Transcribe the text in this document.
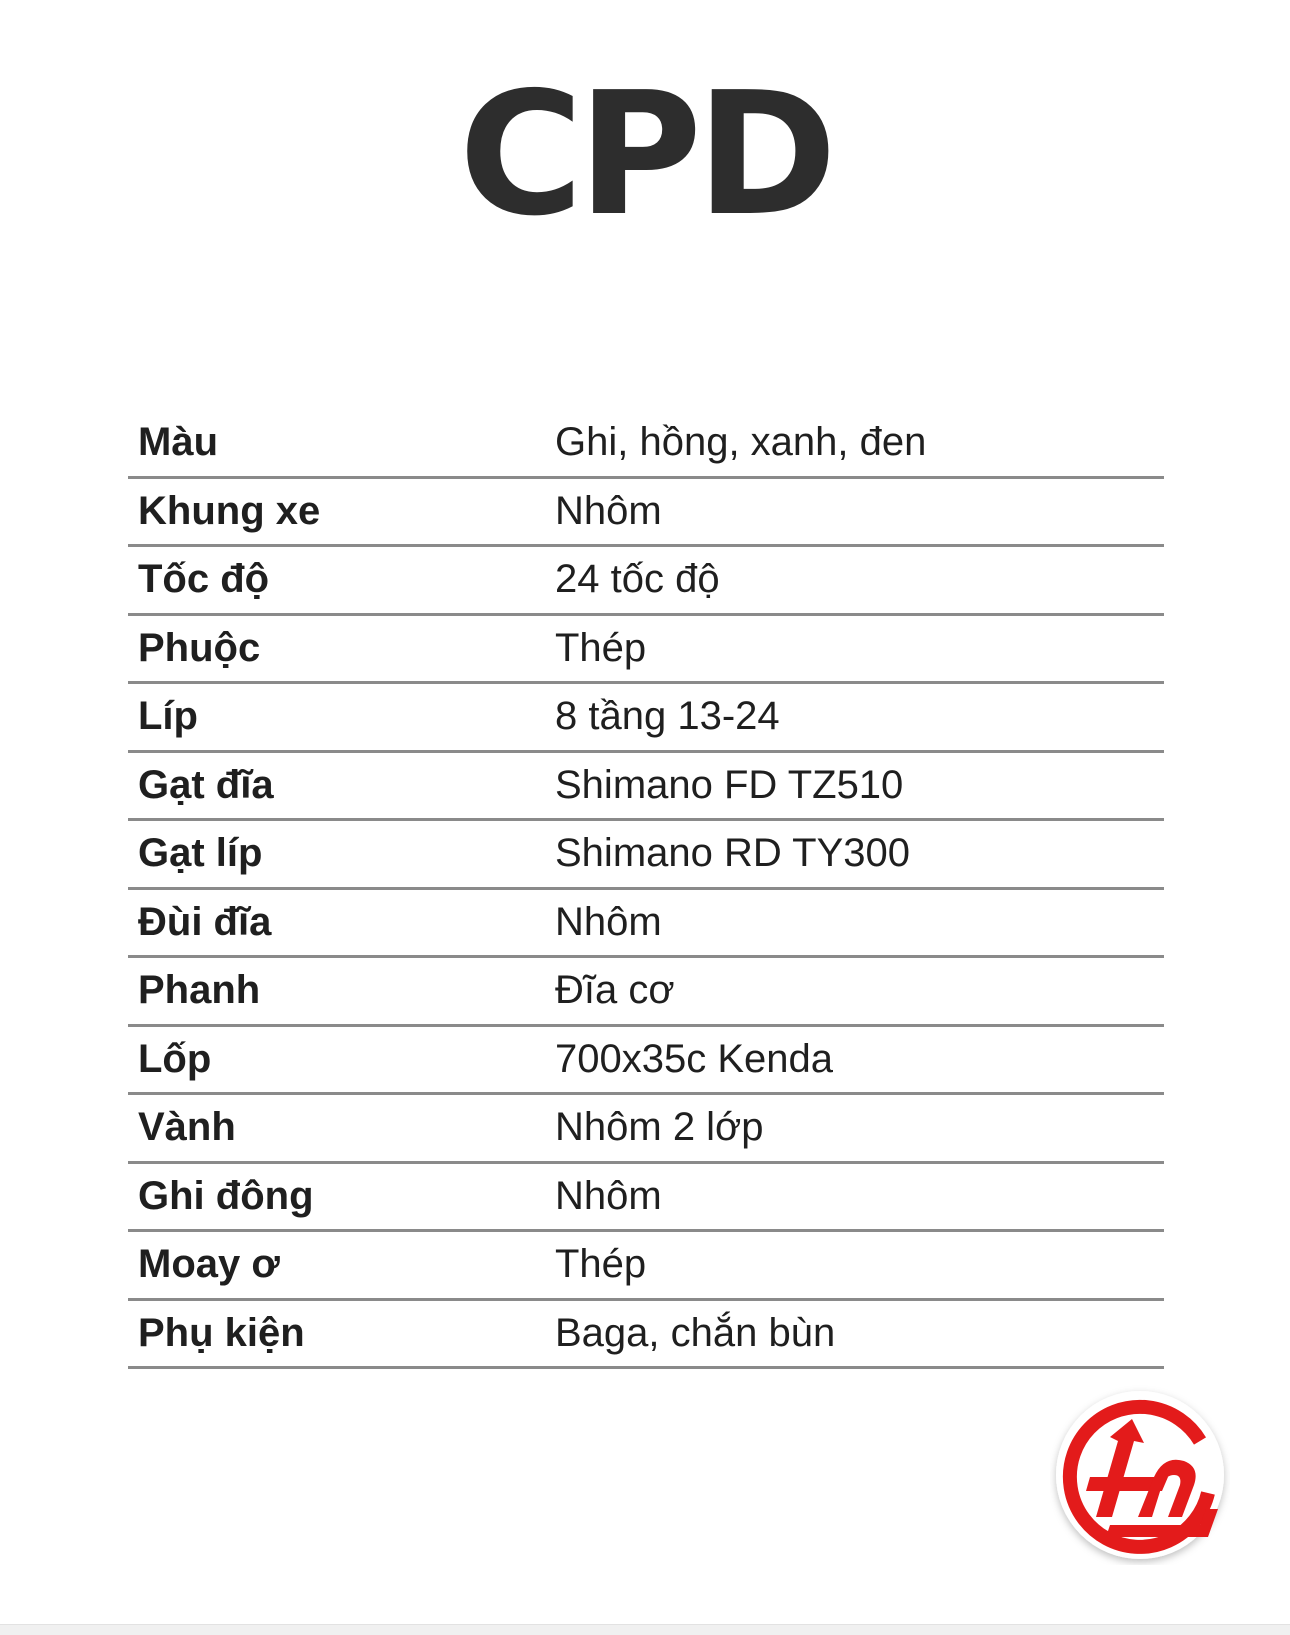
CPD
Màu	Ghi, hồng, xanh, đen
Khung xe	Nhôm
Tốc độ	24 tốc độ
Phuộc	Thép
Líp	8 tầng 13-24
Gạt đĩa	Shimano FD TZ510
Gạt líp	Shimano RD TY300
Đùi đĩa	Nhôm
Phanh	Đĩa cơ
Lốp	700x35c Kenda
Vành	Nhôm 2 lớp
Ghi đông	Nhôm
Moay ơ	Thép
Phụ kiện	Baga, chắn bùn
